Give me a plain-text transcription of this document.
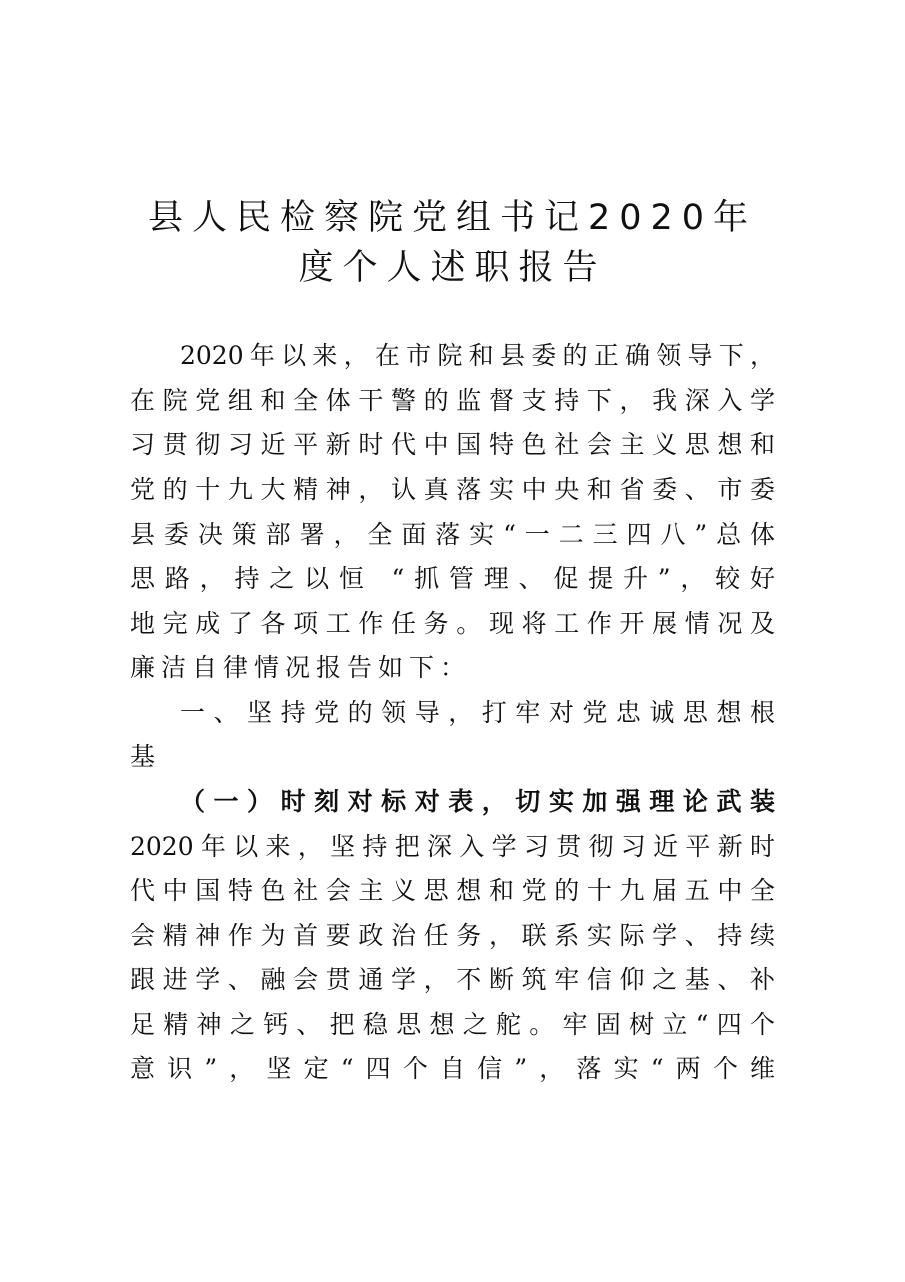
县人民检察院党组书记2020年
度个人述职报告
2020年以来，在市院和县委的正确领导下，
在院党组和全体干警的监督支持下，我深入学
习贯彻习近平新时代中国特色社会主义思想和
党的十九大精神，认真落实中央和省委、市委
县委决策部署，全面落实“一二三四八”总体
思路，持之以恒 “抓管理、促提升”，较好
地完成了各项工作任务。现将工作开展情况及
廉洁自律情况报告如下：
一、坚持党的领导，打牢对党忠诚思想根
基
（一）时刻对标对表，切实加强理论武装
2020年以来，坚持把深入学习贯彻习近平新时
代中国特色社会主义思想和党的十九届五中全
会精神作为首要政治任务，联系实际学、持续
跟进学、融会贯通学，不断筑牢信仰之基、补
足精神之钙、把稳思想之舵。牢固树立“四个
意识”，坚定“四个自信”，落实“两个维
